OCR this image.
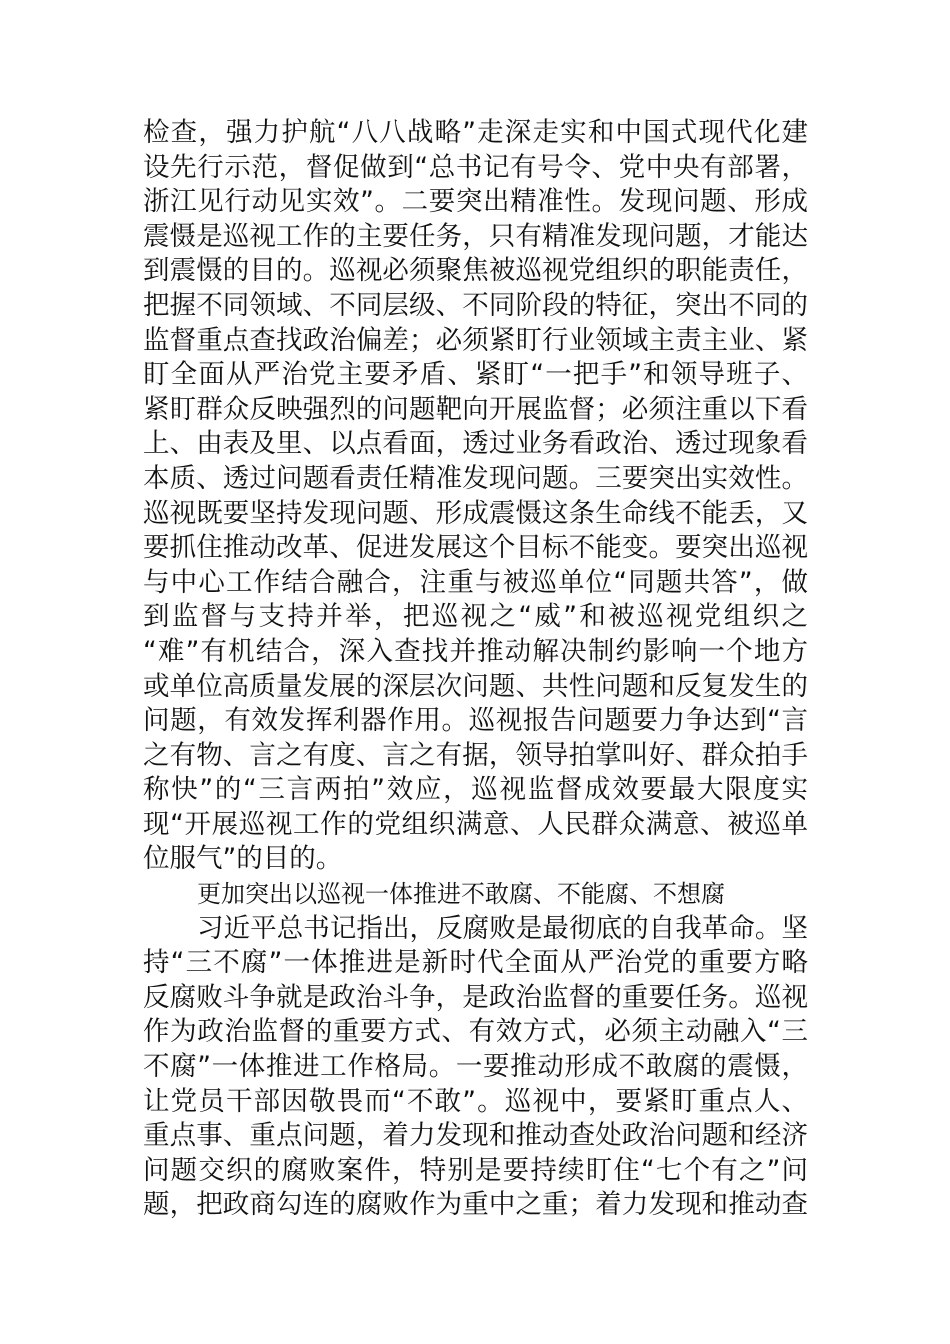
检查，强力护航“八八战略”走深走实和中国式现代化建
设先行示范，督促做到“总书记有号令、党中央有部署，
浙江见行动见实效”。二要突出精准性。发现问题、形成
震慑是巡视工作的主要任务，只有精准发现问题，才能达
到震慑的目的。巡视必须聚焦被巡视党组织的职能责任，
把握不同领域、不同层级、不同阶段的特征，突出不同的
监督重点查找政治偏差；必须紧盯行业领域主责主业、紧
盯全面从严治党主要矛盾、紧盯“一把手”和领导班子、
紧盯群众反映强烈的问题靶向开展监督；必须注重以下看
上、由表及里、以点看面，透过业务看政治、透过现象看
本质、透过问题看责任精准发现问题。三要突出实效性。
巡视既要坚持发现问题、形成震慑这条生命线不能丢，又
要抓住推动改革、促进发展这个目标不能变。要突出巡视
与中心工作结合融合，注重与被巡单位“同题共答”，做
到监督与支持并举，把巡视之“威”和被巡视党组织之
“难”有机结合，深入查找并推动解决制约影响一个地方
或单位高质量发展的深层次问题、共性问题和反复发生的
问题，有效发挥利器作用。巡视报告问题要力争达到“言
之有物、言之有度、言之有据，领导拍掌叫好、群众拍手
称快”的“三言两拍”效应，巡视监督成效要最大限度实
现“开展巡视工作的党组织满意、人民群众满意、被巡单
位服气”的目的。
更加突出以巡视一体推进不敢腐、不能腐、不想腐
习近平总书记指出，反腐败是最彻底的自我革命。坚
持“三不腐”一体推进是新时代全面从严治党的重要方略
反腐败斗争就是政治斗争，是政治监督的重要任务。巡视
作为政治监督的重要方式、有效方式，必须主动融入“三
不腐”一体推进工作格局。一要推动形成不敢腐的震慑，
让党员干部因敬畏而“不敢”。巡视中，要紧盯重点人、
重点事、重点问题，着力发现和推动查处政治问题和经济
问题交织的腐败案件，特别是要持续盯住“七个有之”问
题，把政商勾连的腐败作为重中之重；着力发现和推动查
